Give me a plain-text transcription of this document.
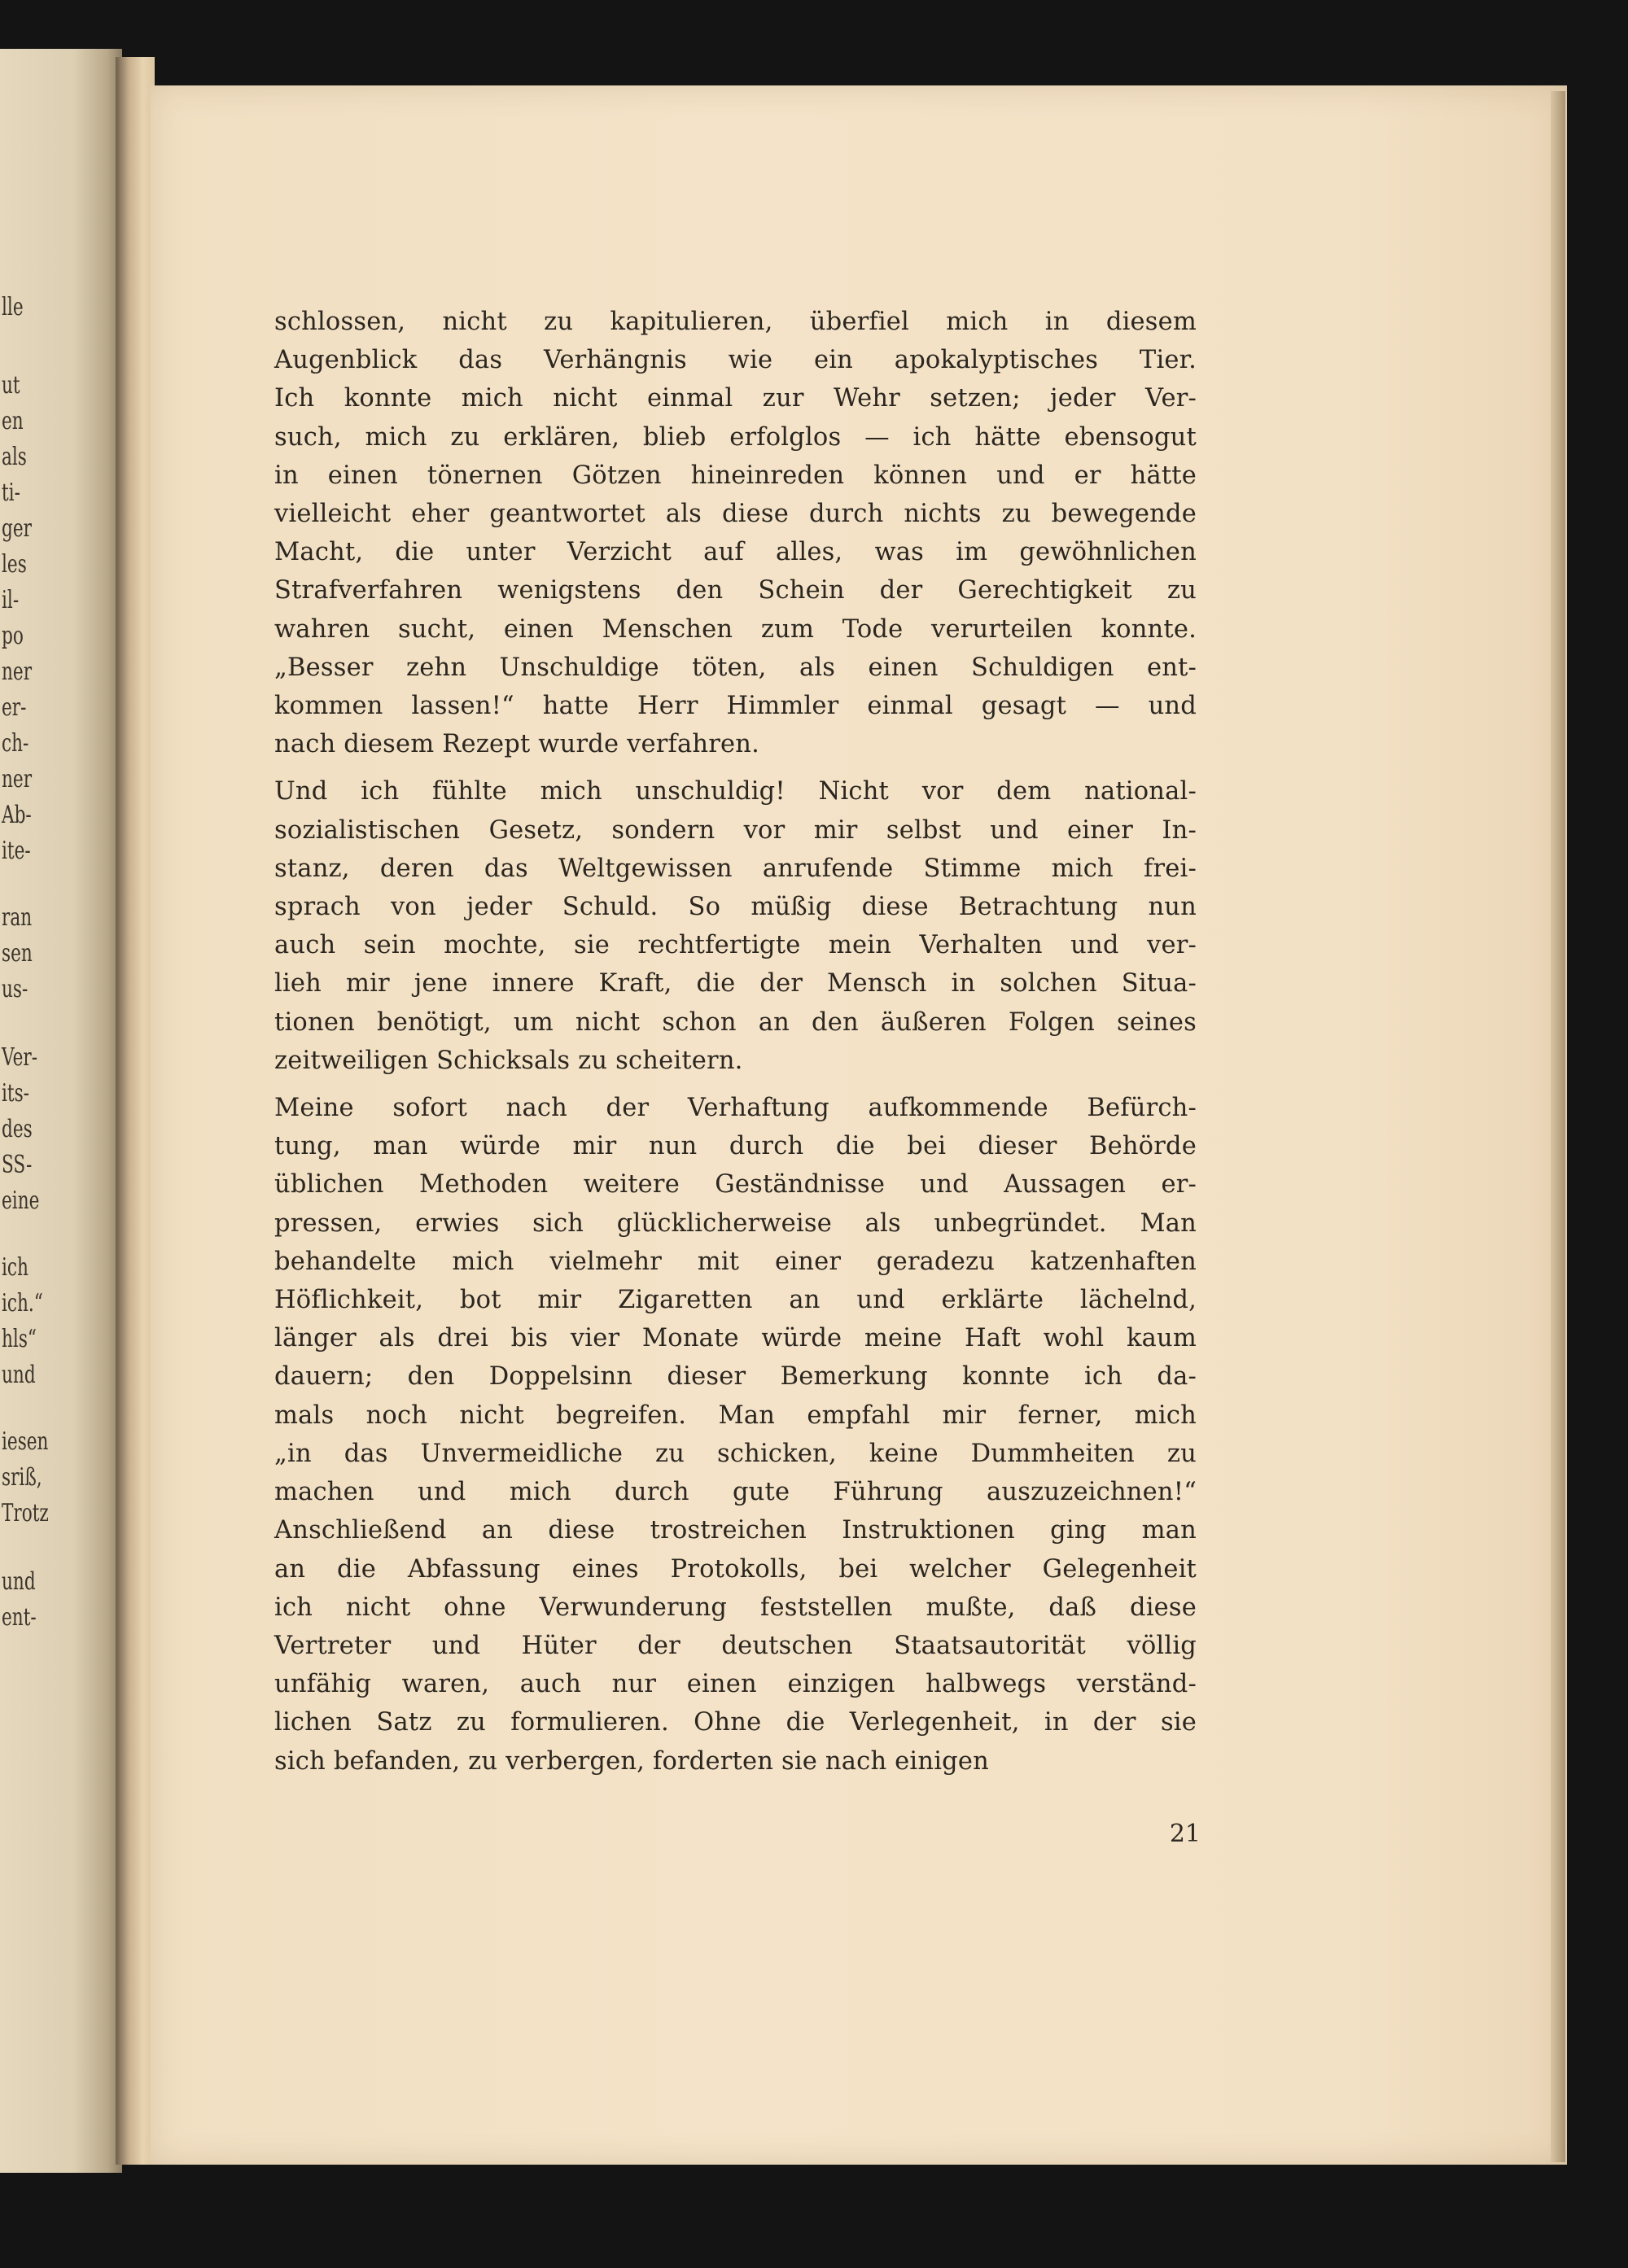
lle
ut
en
als
ti-
ger
les
il-
po
ner
er-
ch-
ner
Ab-
ite-
ran
sen
us-
Ver-
its-
des
SS-
eine
ich
ich.“
hls“
und
iesen
sriß,
Trotz
und
ent-
schlossen, nicht zu kapitulieren, überfiel mich in diesem
Augenblick das Verhängnis wie ein apokalyptisches Tier.
Ich konnte mich nicht einmal zur Wehr setzen; jeder Ver-
such, mich zu erklären, blieb erfolglos — ich hätte ebensogut
in einen tönernen Götzen hineinreden können und er hätte
vielleicht eher geantwortet als diese durch nichts zu bewegende
Macht, die unter Verzicht auf alles, was im gewöhnlichen
Strafverfahren wenigstens den Schein der Gerechtigkeit zu
wahren sucht, einen Menschen zum Tode verurteilen konnte.
„Besser zehn Unschuldige töten, als einen Schuldigen ent-
kommen lassen!“ hatte Herr Himmler einmal gesagt — und
nach diesem Rezept wurde verfahren.
Und ich fühlte mich unschuldig! Nicht vor dem national-
sozialistischen Gesetz, sondern vor mir selbst und einer In-
stanz, deren das Weltgewissen anrufende Stimme mich frei-
sprach von jeder Schuld. So müßig diese Betrachtung nun
auch sein mochte, sie rechtfertigte mein Verhalten und ver-
lieh mir jene innere Kraft, die der Mensch in solchen Situa-
tionen benötigt, um nicht schon an den äußeren Folgen seines
zeitweiligen Schicksals zu scheitern.
Meine sofort nach der Verhaftung aufkommende Befürch-
tung, man würde mir nun durch die bei dieser Behörde
üblichen Methoden weitere Geständnisse und Aussagen er-
pressen, erwies sich glücklicherweise als unbegründet. Man
behandelte mich vielmehr mit einer geradezu katzenhaften
Höflichkeit, bot mir Zigaretten an und erklärte lächelnd,
länger als drei bis vier Monate würde meine Haft wohl kaum
dauern; den Doppelsinn dieser Bemerkung konnte ich da-
mals noch nicht begreifen. Man empfahl mir ferner, mich
„in das Unvermeidliche zu schicken, keine Dummheiten zu
machen und mich durch gute Führung auszuzeichnen!“
Anschließend an diese trostreichen Instruktionen ging man
an die Abfassung eines Protokolls, bei welcher Gelegenheit
ich nicht ohne Verwunderung feststellen mußte, daß diese
Vertreter und Hüter der deutschen Staatsautorität völlig
unfähig waren, auch nur einen einzigen halbwegs verständ-
lichen Satz zu formulieren. Ohne die Verlegenheit, in der sie
sich befanden, zu verbergen, forderten sie nach einigen
21
